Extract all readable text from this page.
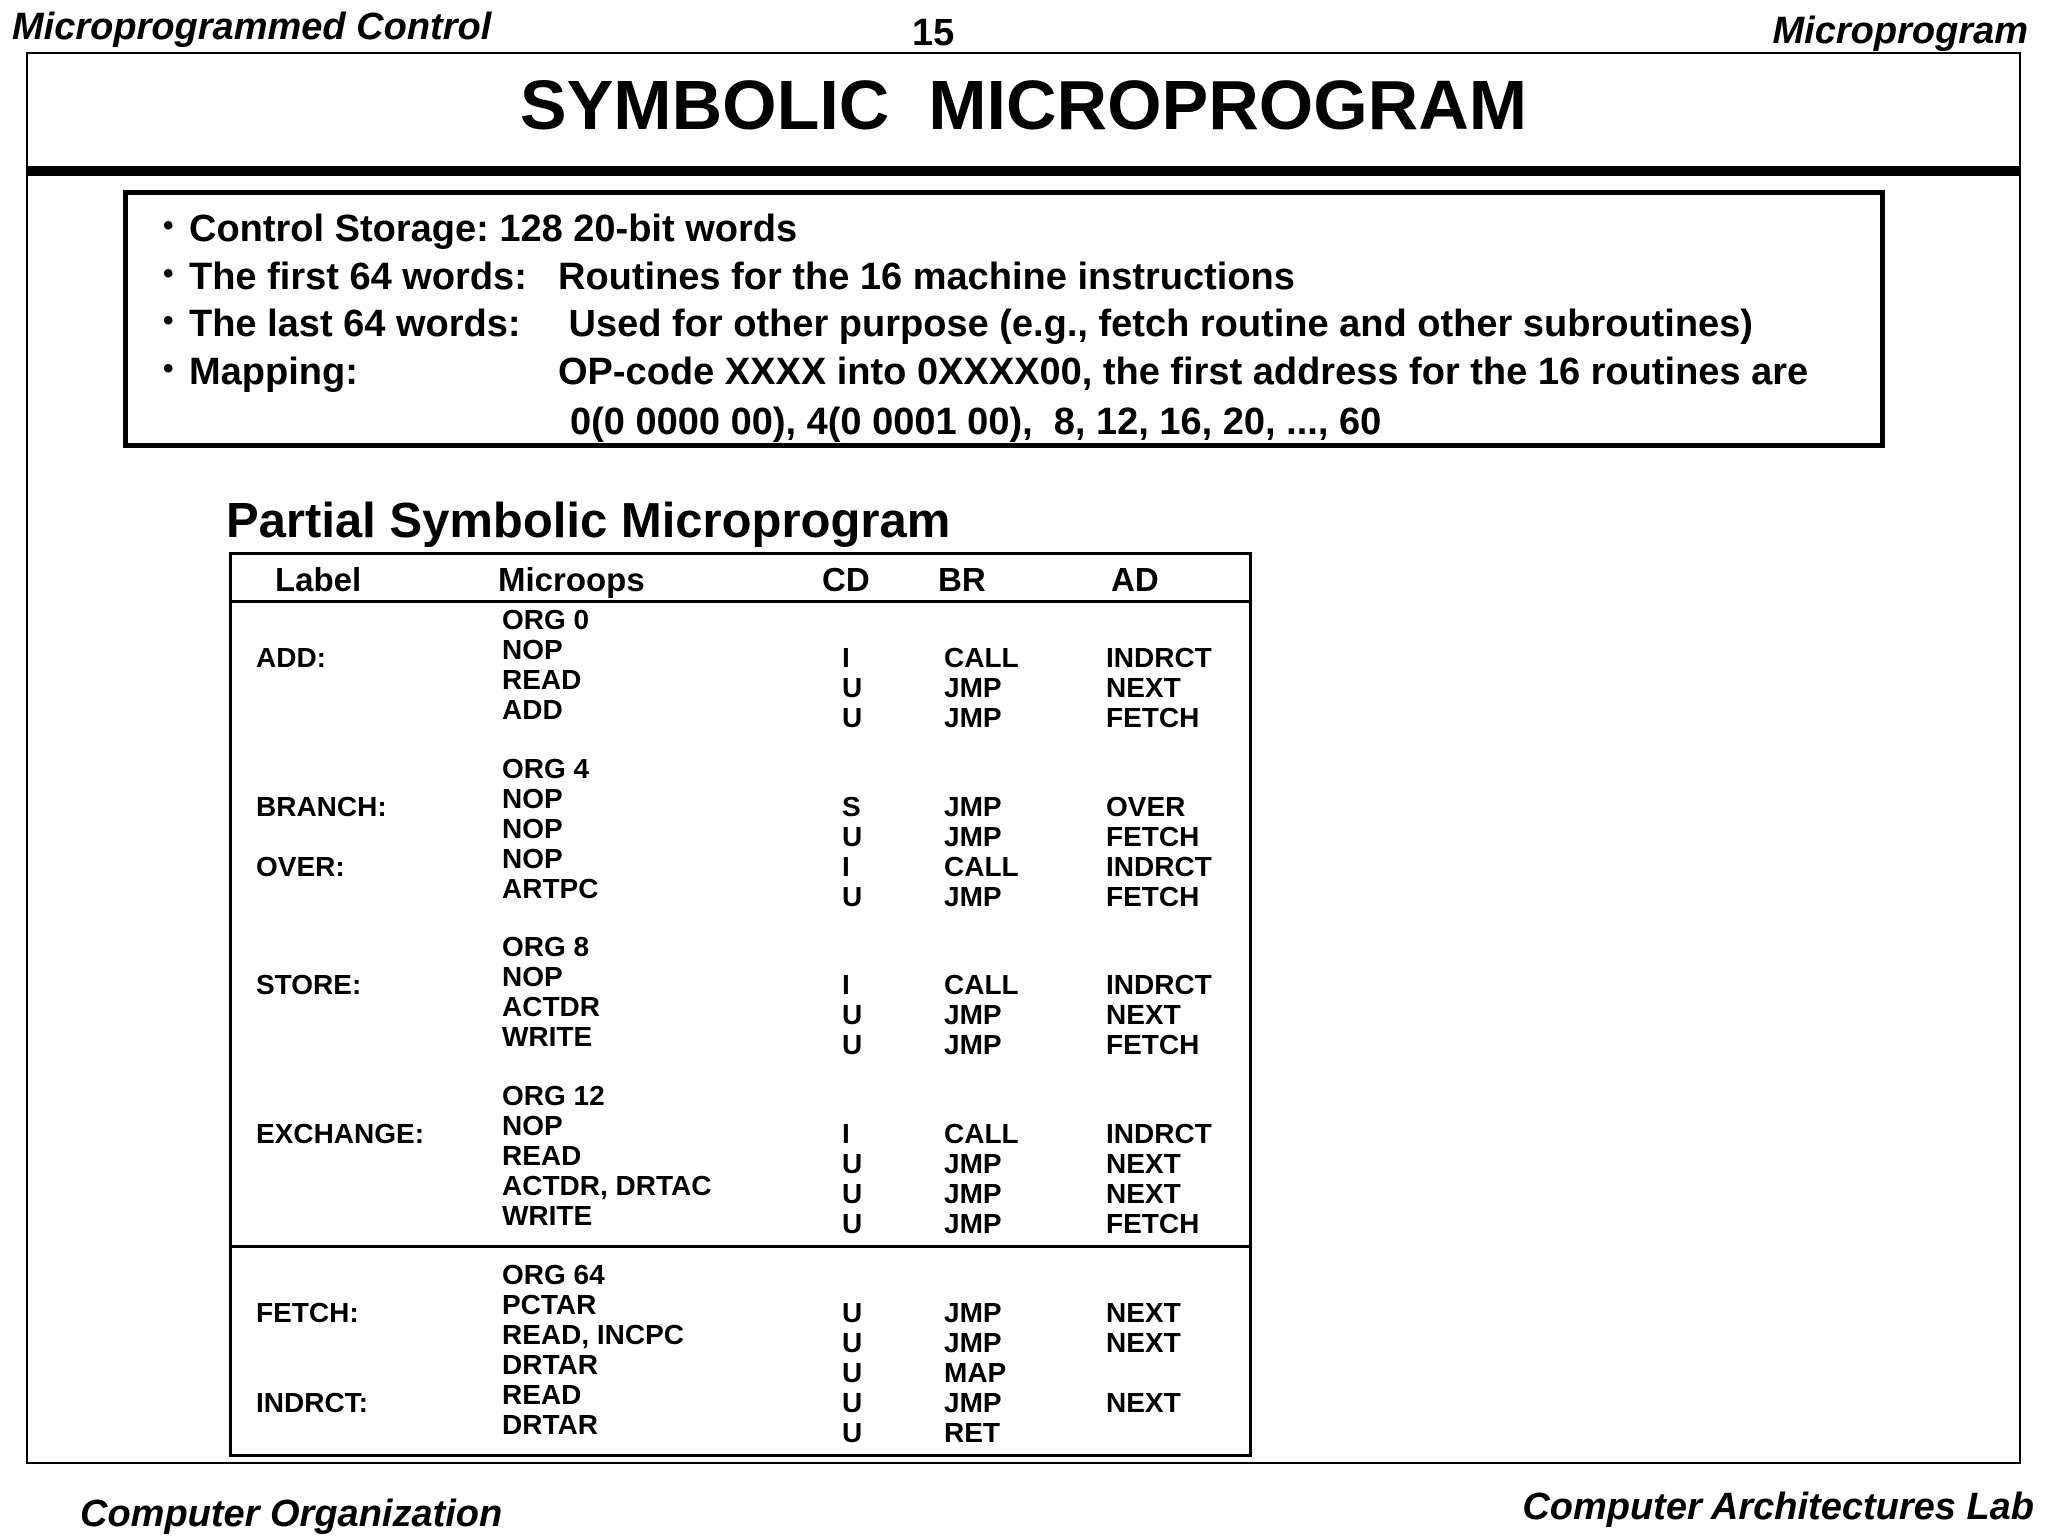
Microprogrammed Control	15	Microprogram
SYMBOLIC  MICROPROGRAM
• Control Storage: 128 20-bit words
• The first 64 words: Routines for the 16 machine instructions
• The last 64 words: Used for other purpose (e.g., fetch routine and other subroutines)
• Mapping:	OP-code XXXX into 0XXXX00, the first address for the 16 routines are
0(0 0000 00), 4(0 0001 00),  8, 12, 16, 20, ..., 60
Partial Symbolic Microprogram
Label	Microops	CD BR	AD
ORG 0
ADD:	NOP	I	CALL	INDRCT
READ	U	JMP	NEXT
ADD	U	JMP	FETCH
ORG 4
BRANCH:	NOP	S	JMP	OVER
NOP	U	JMP	FETCH
OVER:	NOP	I	CALL	INDRCT
ARTPC	U	JMP	FETCH
ORG 8
STORE:	NOP	I	CALL	INDRCT
ACTDR	U	JMP	NEXT
WRITE	U	JMP	FETCH
ORG 12
EXCHANGE:	NOP	I	CALL	INDRCT
READ	U	JMP	NEXT
ACTDR, DRTAC	U	JMP	NEXT
WRITE	U	JMP	FETCH
ORG 64
FETCH:	PCTAR	U	JMP	NEXT
READ, INCPC	U	JMP	NEXT
DRTAR	U	MAP
INDRCT:	READ	U	JMP	NEXT
DRTAR	U	RET
Computer Organization	Computer Architectures Lab
